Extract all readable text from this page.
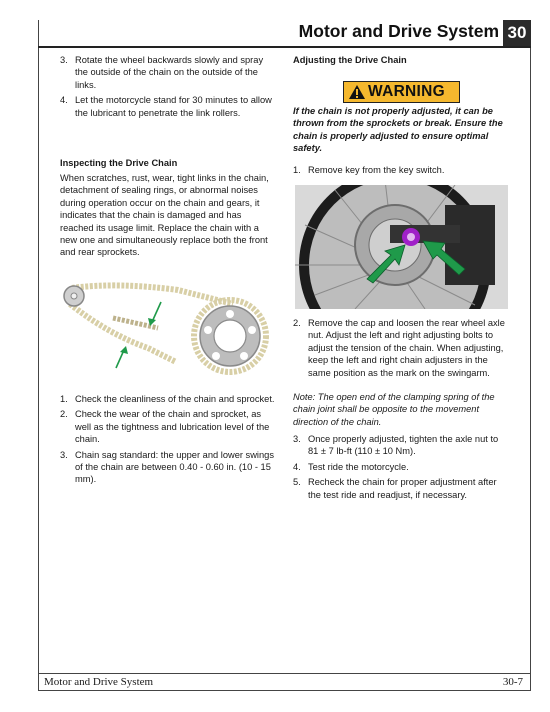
Motor and Drive System 30
3. Rotate the wheel backwards slowly and spray the outside of the chain on the outside of the links.
4. Let the motorcycle stand for 30 minutes to allow the lubricant to penetrate the link rollers.
Inspecting the Drive Chain

When scratches, rust, wear, tight links in the chain, detachment of sealing rings, or abnormal noises during operation occur on the chain and gears, it indicates that the chain is damaged and has reached its usage limit. Replace the chain with a new one and simultaneously replace both the front and rear sprockets.

1. Check the cleanliness of the chain and sprocket.
2. Check the wear of the chain and sprocket, as well as the tightness and lubrication level of the chain.
3. Chain sag standard: the upper and lower swings of the chain are between 0.40 - 0.60 in. (10 - 15 mm).
Adjusting the Drive Chain
WARNING

If the chain is not properly adjusted, it can be thrown from the sprockets or break. Ensure the chain is properly adjusted to ensure optimal safety.

1. Remove key from the key switch.
2. Remove the cap and loosen the rear wheel axle nut. Adjust the left and right adjusting bolts to adjust the tension of the chain. When adjusting, keep the left and right chain adjusters in the same position as the mark on the swingarm.

Note: The open end of the clamping spring of the chain joint shall be opposite to the movement direction of the chain.

3. Once properly adjusted, tighten the axle nut to 81 ± 7 lb-ft (110 ± 10 Nm).
4. Test ride the motorcycle.
5. Recheck the chain for proper adjustment after the test ride and readjust, if necessary.
Motor and Drive System	30-7
